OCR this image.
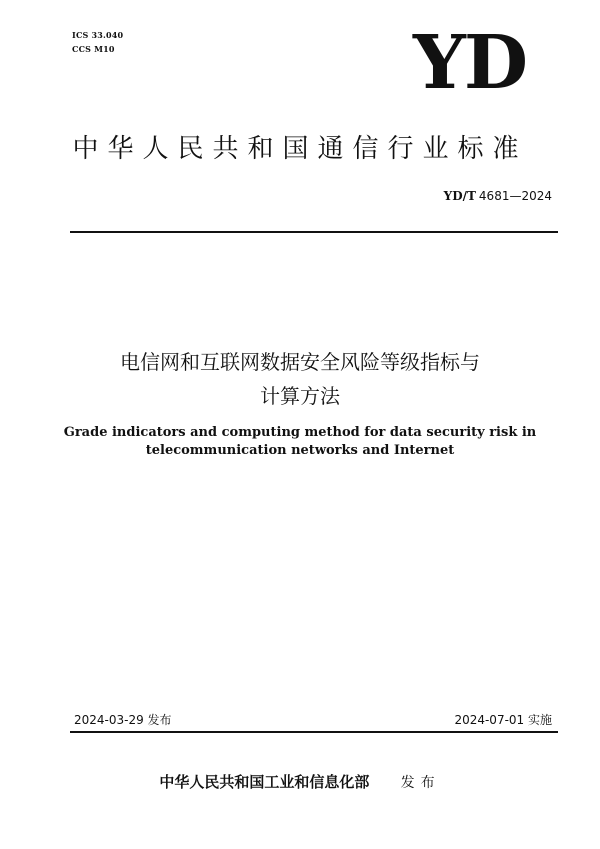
ICS 33.040
CCS M10	YD
中华人民共和国通信行业标准
YD/T 4681—2024
电信网和互联网数据安全风险等级指标与
计算方法
Grade indicators and computing method for data security risk in
telecommunication networks and Internet
2024-03-29 发布	2024-07-01 实施
中华人民共和国工业和信息化部 发布
